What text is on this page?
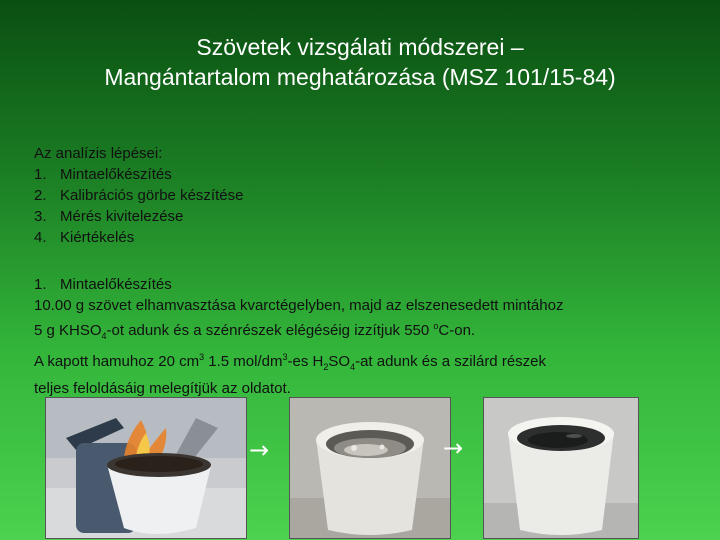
Szövetek vizsgálati módszerei –
Mangántartalom meghatározása (MSZ 101/15-84)
Az analízis lépései:
1. Mintaelőkészítés
2. Kalibrációs görbe készítése
3. Mérés kivitelezése
4. Kiértékelés
1. Mintaelőkészítés
10.00 g szövet elhamvasztása kvarctégelyben, majd az elszenesedett mintához
5 g $KHSO_4-ot$ adunk és a szénrészek elégéséig izzítjuk 550 $^o$C-on.
A kapott hamuhoz 20 $cm^3$ 1.5 mol/$dm^3-es$ $H_2SO_4-at$ adunk és a szilárd részek
teljes feloldásáig melegítjük az oldatot.
→	→
